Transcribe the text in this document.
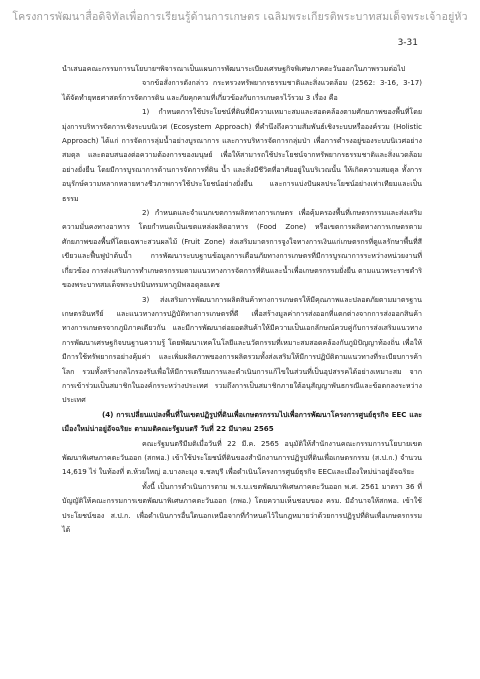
โครงการพัฒนาสื่อดิจิทัลเพื่อการเรียนรู้ด้านการเกษตร เฉลิมพระเกียรติพระบาทสมเด็จพระเจ้าอยู่หัว
3-31

นำเสนอคณะกรรมการนโยบายฯพิจารณาเป็นแผนการพัฒนาระเบียงเศรษฐกิจพิเศษภาคตะวันออกในภาพรวมต่อไป

จากข้อสั่งการตังกล่าว กระทรวงทรัพยากรธรรมชาติและสิ่งแวดล้อม (2562: 3-16, 3-17) ได้จัดทำยุทธศาสตร์การจัดการดิน และภัยคุกคามที่เกี่ยวข้องกับการเกษตรไว้รวม 3 เรื่อง คือ

1) กำหนดการใช้ประโยชน์ที่ดินที่มีความเหมาะสมและสอดคล้องตามศักยภาพของพื้นที่โดยมุ่งการบริหารจัดการเชิงระบบนิเวศ (Ecosystem Approach) ที่คำนึงถึงความสัมพันธ์เชิงระบบหรือองค์รวม (Holistic Approach) ได้แก่ การจัดการลุ่มน้ำอย่างบูรณาการ และการบริหารจัดการกลุ่มป่า เพื่อการดำรงอยู่ของระบบนิเวศอย่างสมดุล และตอบสนองต่อความต้องการของมนุษย์ เพื่อให้สามารถใช้ประโยชน์จากทรัพยากรธรรมชาติและสิ่งแวดล้อมอย่างยั่งยืน โดยมีการบูรณาการด้านการจัดการที่ดิน น้ำ และสิ่งมีชีวิตที่อาศัยอยู่ในบริเวณนั้น ให้เกิดความสมดุล ทั้งการอนุรักษ์ความหลากหลายทางชีวภาพการใช้ประโยชน์อย่างยั่งยืน และการแบ่งปันผลประโยชน์อย่างเท่าเทียมและเป็นธรรม

2) กำหนดและจำแนกเขตการผลิตทางการเกษตร เพื่อคุ้มครองพื้นที่เกษตรกรรมและส่งเสริมความมั่นคงทางอาหาร โดยกำหนดเป็นเขตแหล่งผลิตอาหาร (Food Zone) หรือเขตการผลิตทางการเกษตรตามศักยภาพของพื้นที่โดยเฉพาะสวนผลไม้ (Fruit Zone) ส่งเสริมมาตรการจูงใจทางการเงินแก่เกษตรกรที่ดูแลรักษาพื้นที่สีเขียวและฟื้นฟูป่าต้นน้ำ การพัฒนาระบบฐานข้อมูลการเตือนภัยทางการเกษตรที่มีการบูรณาการระหว่างหน่วยงานที่เกี่ยวข้อง การส่งเสริมการทำเกษตรกรรมตามแนวทางการจัดการที่ดินและน้ำเพื่อเกษตรกรรมยั่งยืน ตามแนวพระราชดำริของพระบาทสมเด็จพระปรมินทรมหาภูมิพลอดุลยเดช

3) ส่งเสริมการพัฒนาการผลิตสินค้าทางการเกษตรให้มีคุณภาพและปลอดภัยตามมาตรฐานเกษตรอินทรีย์ และแนวทางการปฏิบัติทางการเกษตรที่ดี เพื่อสร้างมูลค่าการส่งออกที่แตกต่างจากการส่งออกสินค้าทางการเกษตรจากภูมิภาคเดียวกัน และมีการพัฒนาต่อยอดสินค้าให้มีความเป็นเอกลักษณ์ควบคู่กับการส่งเสริมแนวทางการพัฒนาเศรษฐกิจบนฐานความรู้ โดยพัฒนาเทคโนโลยีและนวัตกรรมที่เหมาะสมสอดคล้องกับภูมิปัญญาท้องถิ่น เพื่อให้มีการใช้ทรัพยากรอย่างคุ้มค่า และเพิ่มผลิตภาพของการผลิตรวมทั้งส่งเสริมให้มีการปฏิบัติตามแนวทางที่ระเบียบการค้าโลก รวมทั้งสร้างกลไกรองรับเพื่อให้มีการเตรียมการและดำเนินการแก้ไขในส่วนที่เป็นอุปสรรคได้อย่างเหมาะสม จากการเข้าร่วมเป็นสมาชิกในองค์กรระหว่างประเทศ รวมถึงการเป็นสมาชิกภายใต้อนุสัญญาพันธกรณีและข้อตกลงระหว่างประเทศ

(4) การเปลี่ยนแปลงพื้นที่ในเขตปฏิรูปที่ดินเพื่อเกษตรกรรมไปเพื่อการพัฒนาโครงการศูนย์ธุรกิจ EEC และเมืองใหม่น่าอยู่อัจฉริยะ ตามมติคณะรัฐมนตรี วันที่ 22 มีนาคม 2565

คณะรัฐมนตรีมีมติเมื่อวันที่ 22 มี.ค. 2565 อนุมัติให้สำนักงานคณะกรรมการนโยบายเขตพัฒนาพิเศษภาคตะวันออก (สกพอ.) เข้าใช้ประโยชน์ที่ดินของสำนักงานการปฏิรูปที่ดินเพื่อเกษตรกรรม (ส.ป.ก.) จำนวน 14,619 ไร่ ในท้องที่ ต.ห้วยใหญ่ อ.บางละมุง จ.ชลบุรี เพื่อดำเนินโครงการศูนย์ธุรกิจ EECและเมืองใหม่น่าอยู่อัจฉริยะ

ทั้งนี้ เป็นการดำเนินการตาม พ.ร.บ.เขตพัฒนาพิเศษภาคตะวันออก พ.ศ. 2561 มาตรา 36 ที่บัญญัติให้คณะกรรมการเขตพัฒนาพิเศษภาคตะวันออก (กพอ.) โดยความเห็นชอบของ ครม. มีอำนาจให้สกพอ. เข้าใช้ประโยชน์ของ ส.ป.ก. เพื่อดำเนินการอื่นใดนอกเหนือจากที่กำหนดไว้ในกฎหมายว่าด้วยการปฏิรูปที่ดินเพื่อเกษตรกรรมได้
